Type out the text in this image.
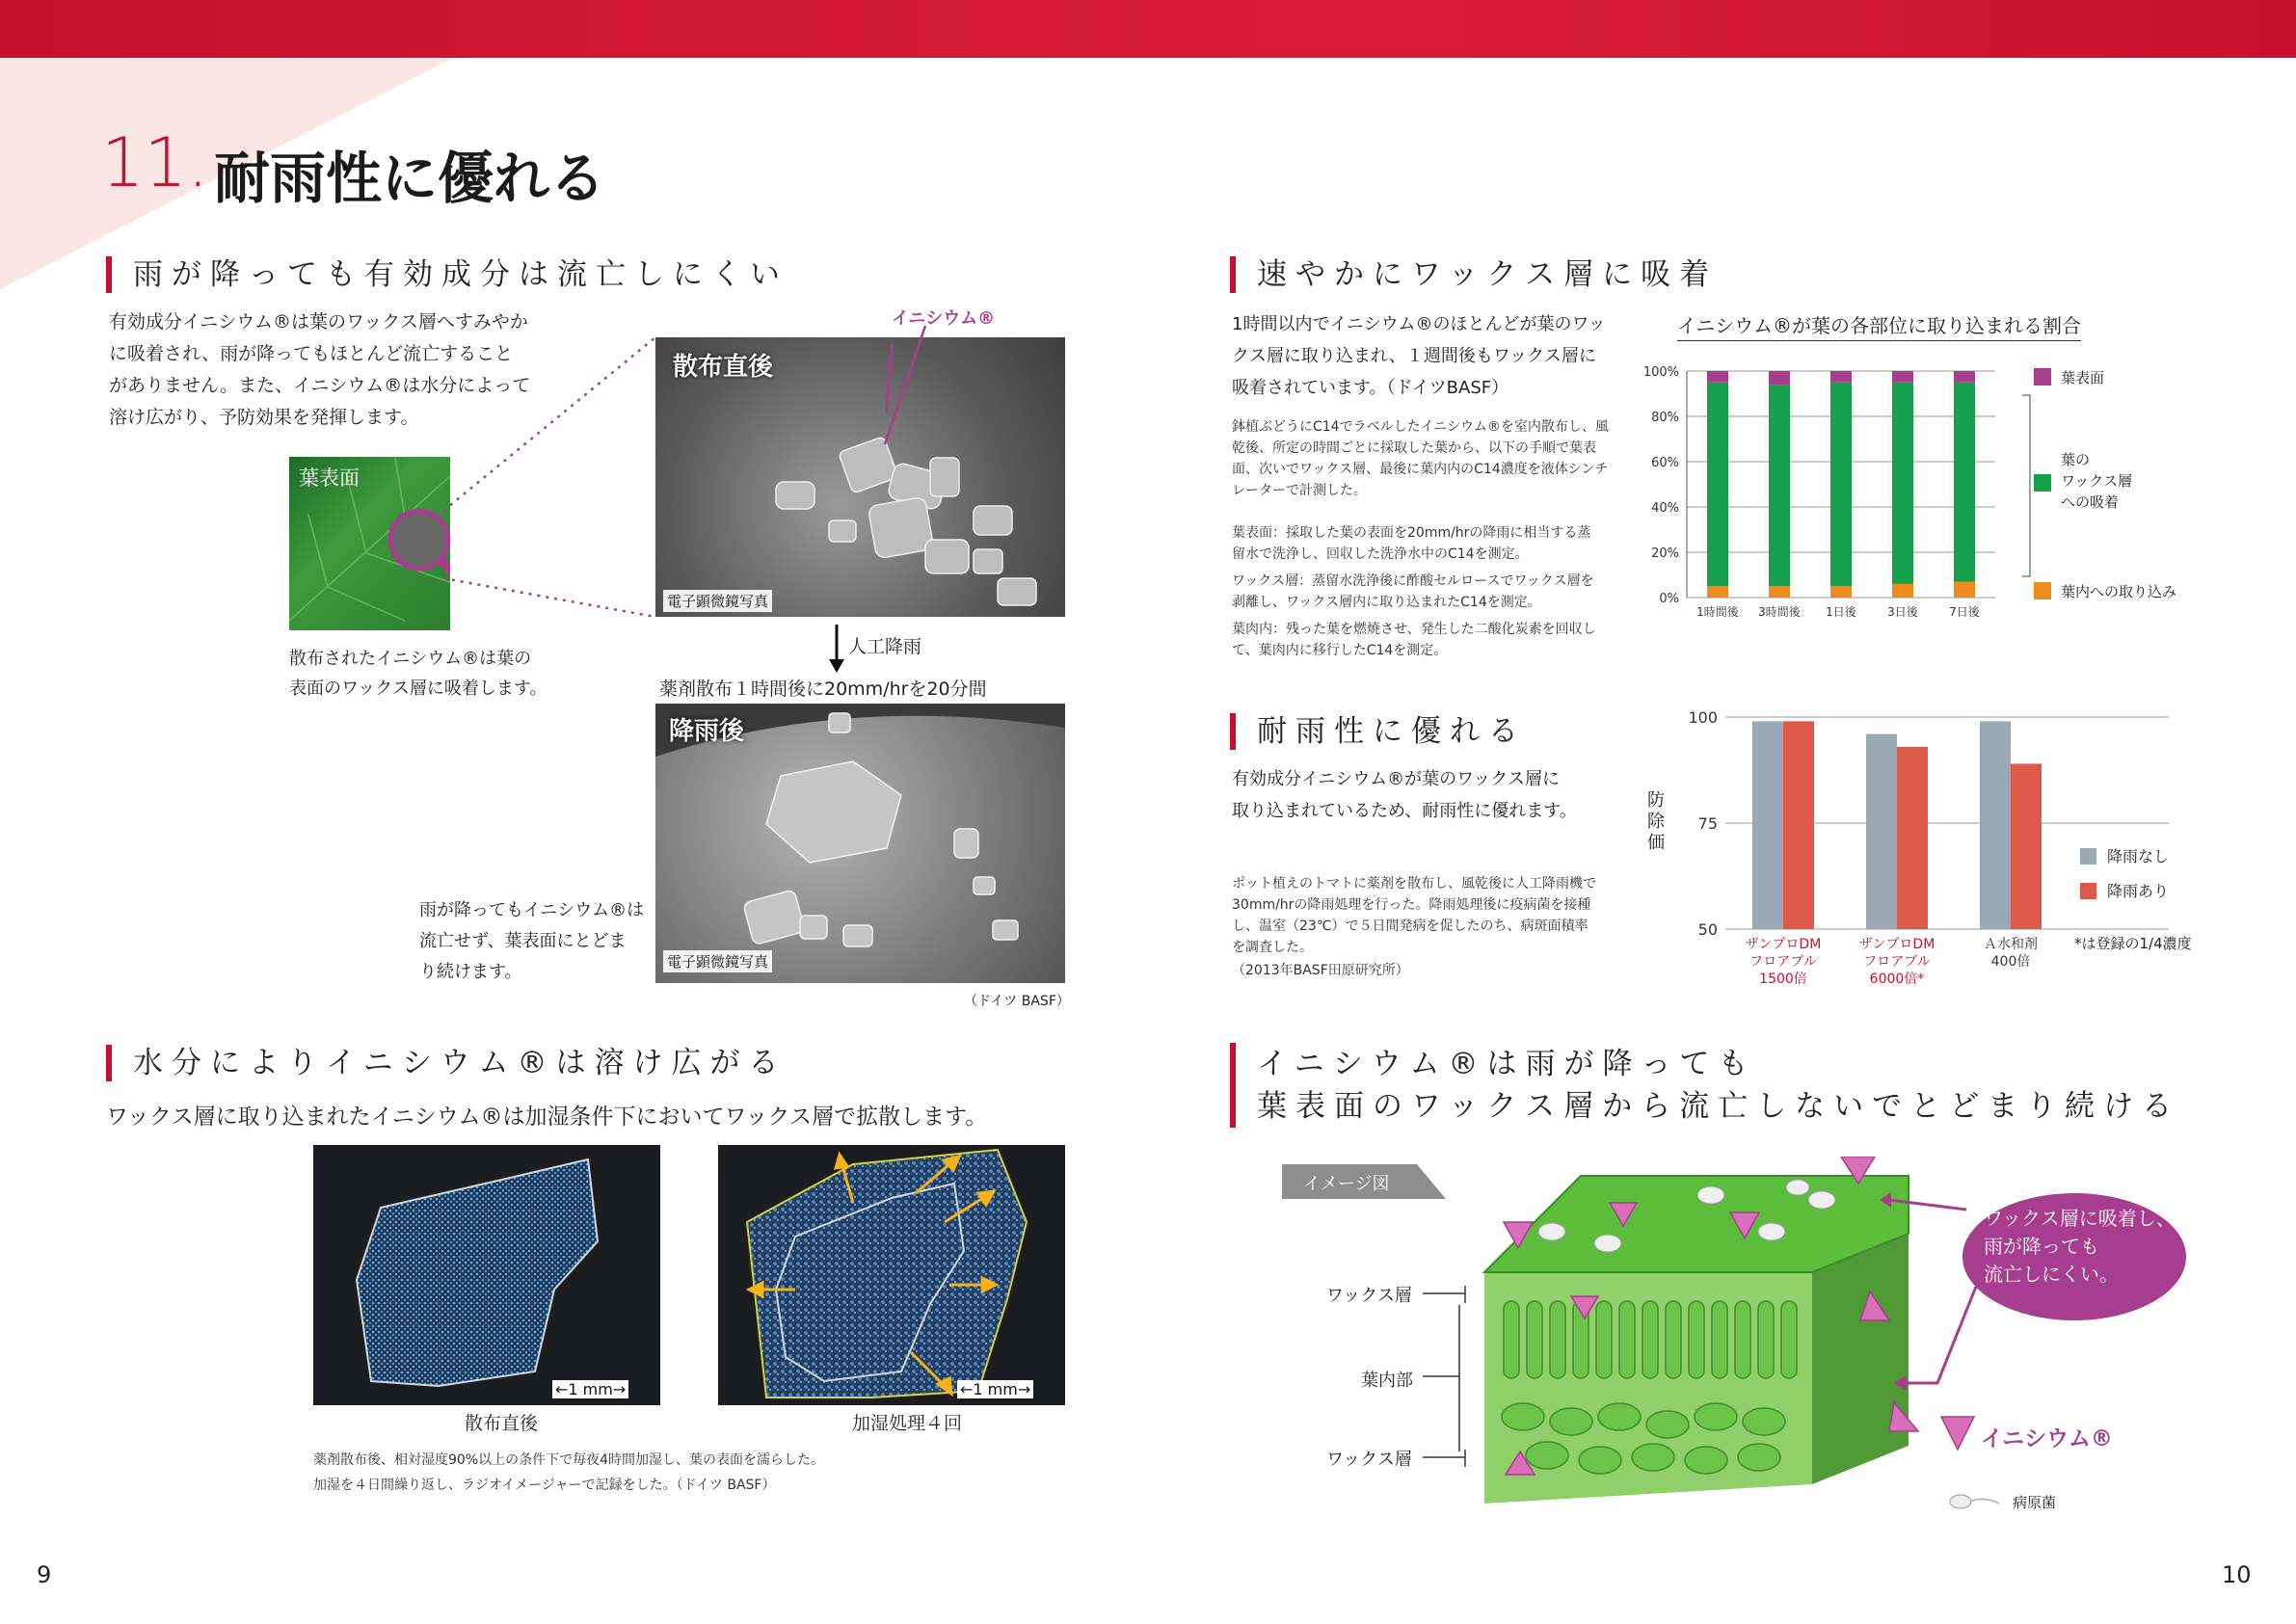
11. 耐雨性に優れる
雨が降っても有効成分は流亡しにくい
有効成分イニシウム®は葉のワックス層へすみやか
に吸着され、雨が降ってもほとんど流亡すること
がありません。また、イニシウム®は水分によって
溶け広がり、予防効果を発揮します。
葉表面
散布されたイニシウム®は葉の
表面のワックス層に吸着します。
イニシウム®
散布直後
電子顕微鏡写真
人工降雨
薬剤散布１時間後に20mm/hrを20分間
降雨後
電子顕微鏡写真
雨が降ってもイニシウム®は
流亡せず、葉表面にとどま
り続けます。
（ドイツ BASF）
水分によりイニシウム®は溶け広がる
ワックス層に取り込まれたイニシウム®は加湿条件下においてワックス層で拡散します。
←1 mm→
散布直後
←1 mm→
加湿処理４回
薬剤散布後、相対湿度90%以上の条件下で毎夜4時間加湿し、葉の表面を濡らした。
加湿を４日間繰り返し、ラジオイメージャーで記録をした。（ドイツ BASF）
速やかにワックス層に吸着
1時間以内でイニシウム®のほとんどが葉のワッ
クス層に取り込まれ、１週間後もワックス層に
吸着されています。（ドイツBASF）
鉢植ぶどうにC14でラベルしたイニシウム®を室内散布し、風
乾後、所定の時間ごとに採取した葉から、以下の手順で葉表
面、次いでワックス層、最後に葉内内のC14濃度を液体シンチ
レーターで計測した。
葉表面：採取した葉の表面を20mm/hrの降雨に相当する蒸
留水で洗浄し、回収した洗浄水中のC14を測定。
ワックス層：蒸留水洗浄後に酢酸セルロースでワックス層を
剥離し、ワックス層内に取り込まれたC14を測定。
葉肉内：残った葉を燃焼させ、発生した二酸化炭素を回収し
て、葉肉内に移行したC14を測定。
イニシウム®が葉の各部位に取り込まれる割合
0%
20%
40%
60%
80%
100%
1時間後 3時間後 1日後	3日後	7日後
葉表面
葉の
ワックス層
への吸着
葉内への取り込み
耐雨性に優れる
有効成分イニシウム®が葉のワックス層に
取り込まれているため、耐雨性に優れます。
ポット植えのトマトに薬剤を散布し、風乾後に人工降雨機で
30mm/hrの降雨処理を行った。降雨処理後に疫病菌を接種
し、温室（23℃）で５日間発病を促したのち、病斑面積率
を調査した。
（2013年BASF田原研究所）
50
75
100
防
除
価
ザンプロDM
フロアブル
1500倍
ザンプロDM
フロアブル
6000倍*
Ａ水和剤
400倍
降雨なし
降雨あり
*は登録の1/4濃度
イニシウム®は雨が降っても
葉表面のワックス層から流亡しないでとどまり続ける
イメージ図
ワックス層
葉内部
ワックス層
ワックス層に吸着し、
雨が降っても
流亡しにくい。
イニシウム®
病原菌
9	10
